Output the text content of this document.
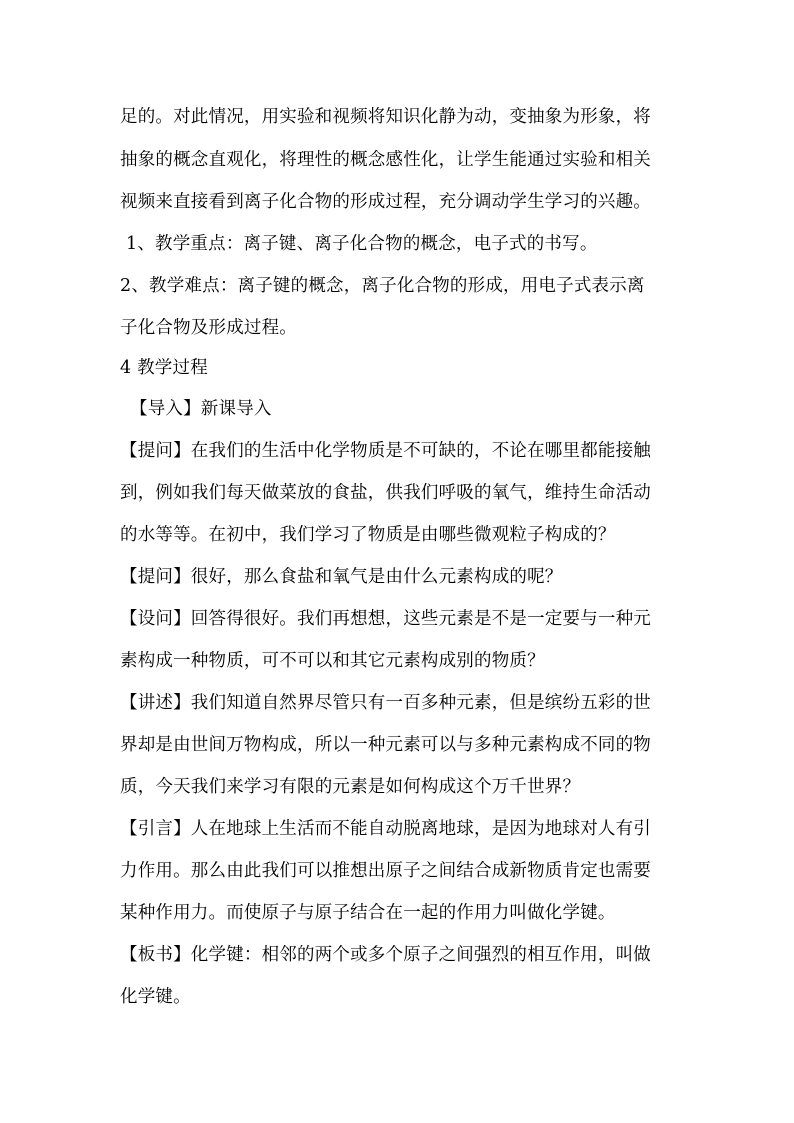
足的。对此情况，用实验和视频将知识化静为动，变抽象为形象，将
抽象的概念直观化，将理性的概念感性化，让学生能通过实验和相关
视频来直接看到离子化合物的形成过程，充分调动学生学习的兴趣。
1、教学重点：离子键、离子化合物的概念，电子式的书写。
2、教学难点：离子键的概念，离子化合物的形成，用电子式表示离
子化合物及形成过程。
4 教学过程
【导入】新课导入
【提问】在我们的生活中化学物质是不可缺的，不论在哪里都能接触
到，例如我们每天做菜放的食盐，供我们呼吸的氧气，维持生命活动
的水等等。在初中，我们学习了物质是由哪些微观粒子构成的？
【提问】很好，那么食盐和氧气是由什么元素构成的呢？
【设问】回答得很好。我们再想想，这些元素是不是一定要与一种元
素构成一种物质，可不可以和其它元素构成别的物质？
【讲述】我们知道自然界尽管只有一百多种元素，但是缤纷五彩的世
界却是由世间万物构成，所以一种元素可以与多种元素构成不同的物
质，今天我们来学习有限的元素是如何构成这个万千世界？
【引言】人在地球上生活而不能自动脱离地球，是因为地球对人有引
力作用。那么由此我们可以推想出原子之间结合成新物质肯定也需要
某种作用力。而使原子与原子结合在一起的作用力叫做化学键。
【板书】化学键：相邻的两个或多个原子之间强烈的相互作用，叫做
化学键。
